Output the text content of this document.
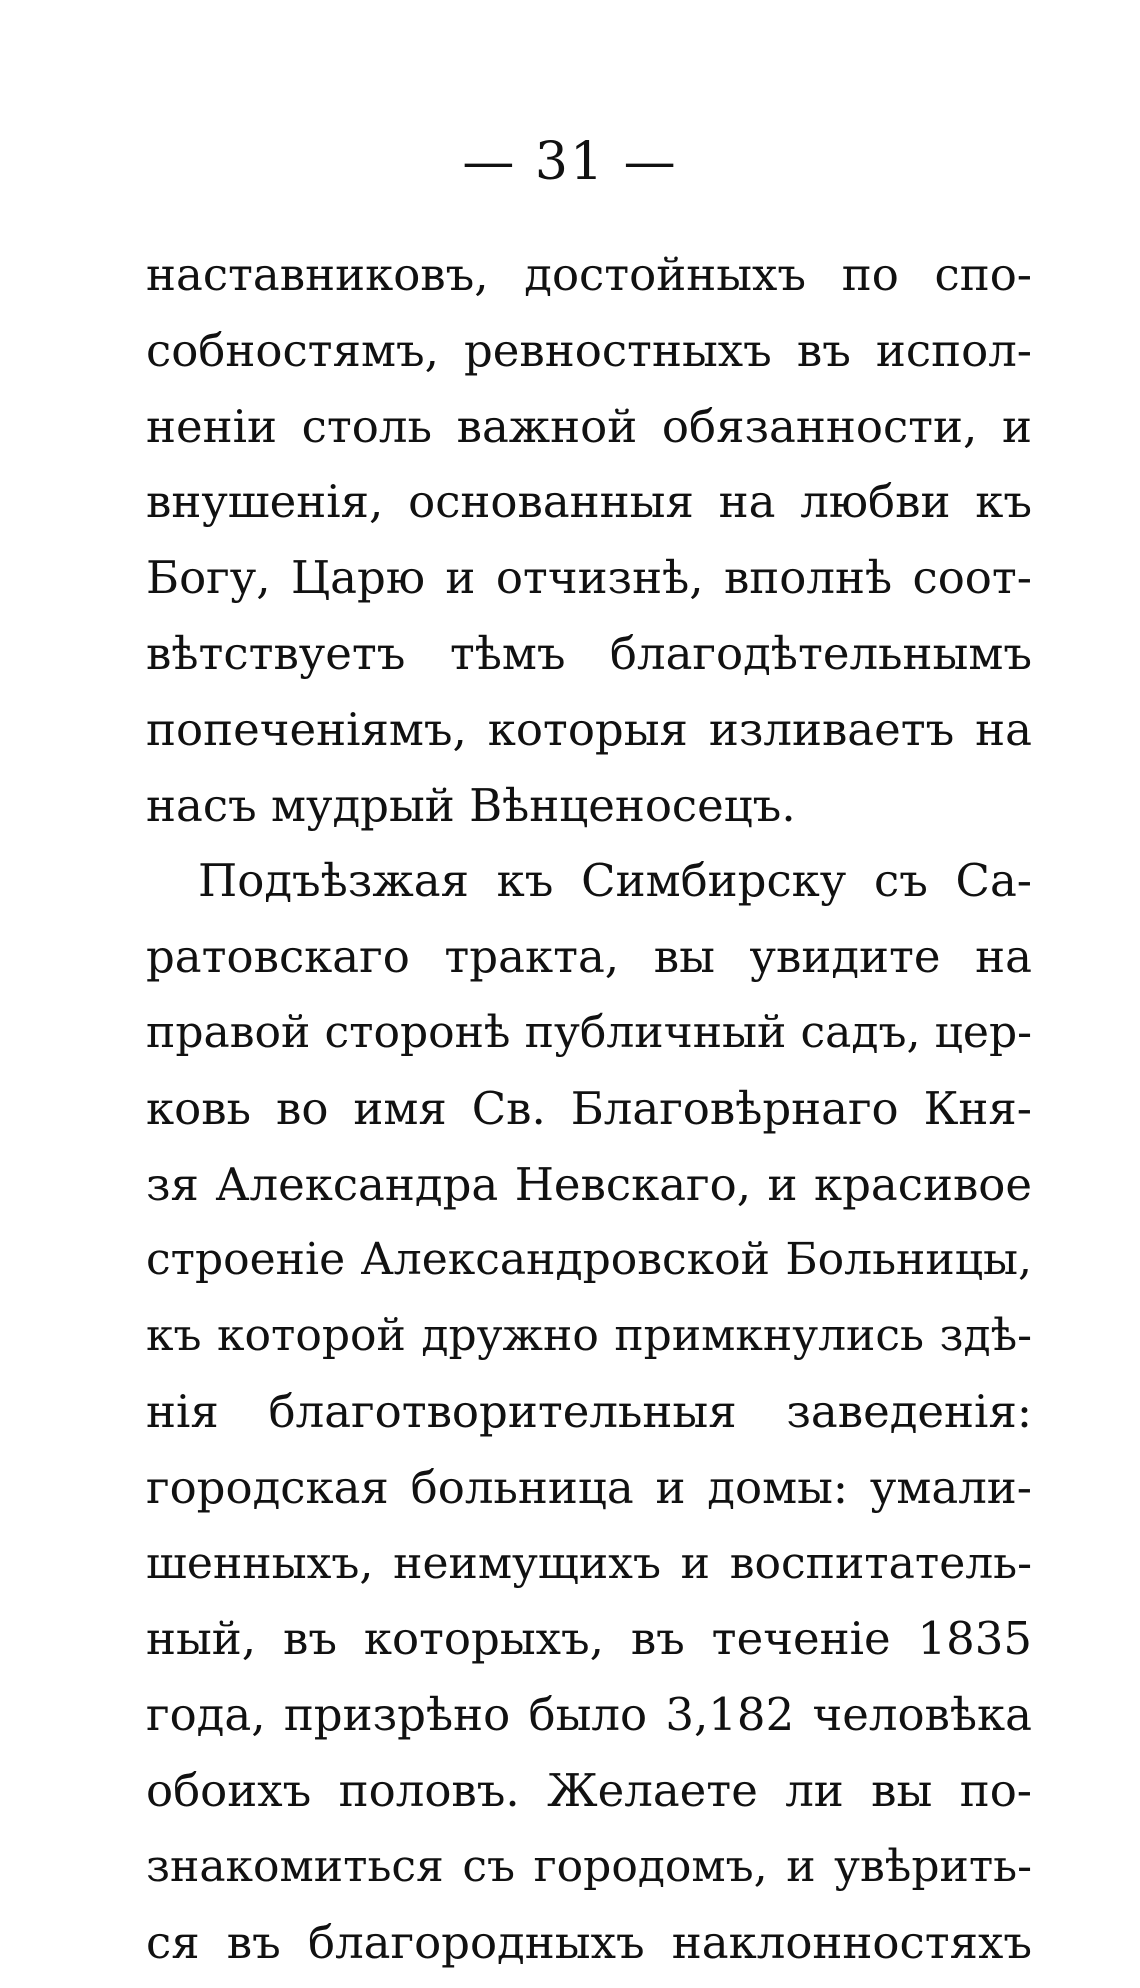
— 31 —
наставниковъ, достойныхъ по спо-
собностямъ, ревностныхъ въ испол-
неніи столь важной обязанности, и
внушенія, основанныя на любви къ
Богу, Царю и отчизнѣ, вполнѣ соот-
вѣтствуетъ тѣмъ благодѣтельнымъ
попеченіямъ, которыя изливаетъ на
насъ мудрый Вѣнценосецъ.
Подъѣзжая къ Симбирску съ Са-
ратовскаго тракта, вы увидите на
правой сторонѣ публичный садъ, цер-
ковь во имя Св. Благовѣрнаго Кня-
зя Александра Невскаго, и красивое
строеніе Александровской Больницы,
къ которой дружно примкнулись здѣ-
нія благотворительныя заведенія:
городская больница и домы: умали-
шенныхъ, неимущихъ и воспитатель-
ный, въ которыхъ, въ теченіе 1835
года, призрѣно было 3,182 человѣка
обоихъ половъ. Желаете ли вы по-
знакомиться съ городомъ, и увѣрить-
ся въ благородныхъ наклонностяхъ
